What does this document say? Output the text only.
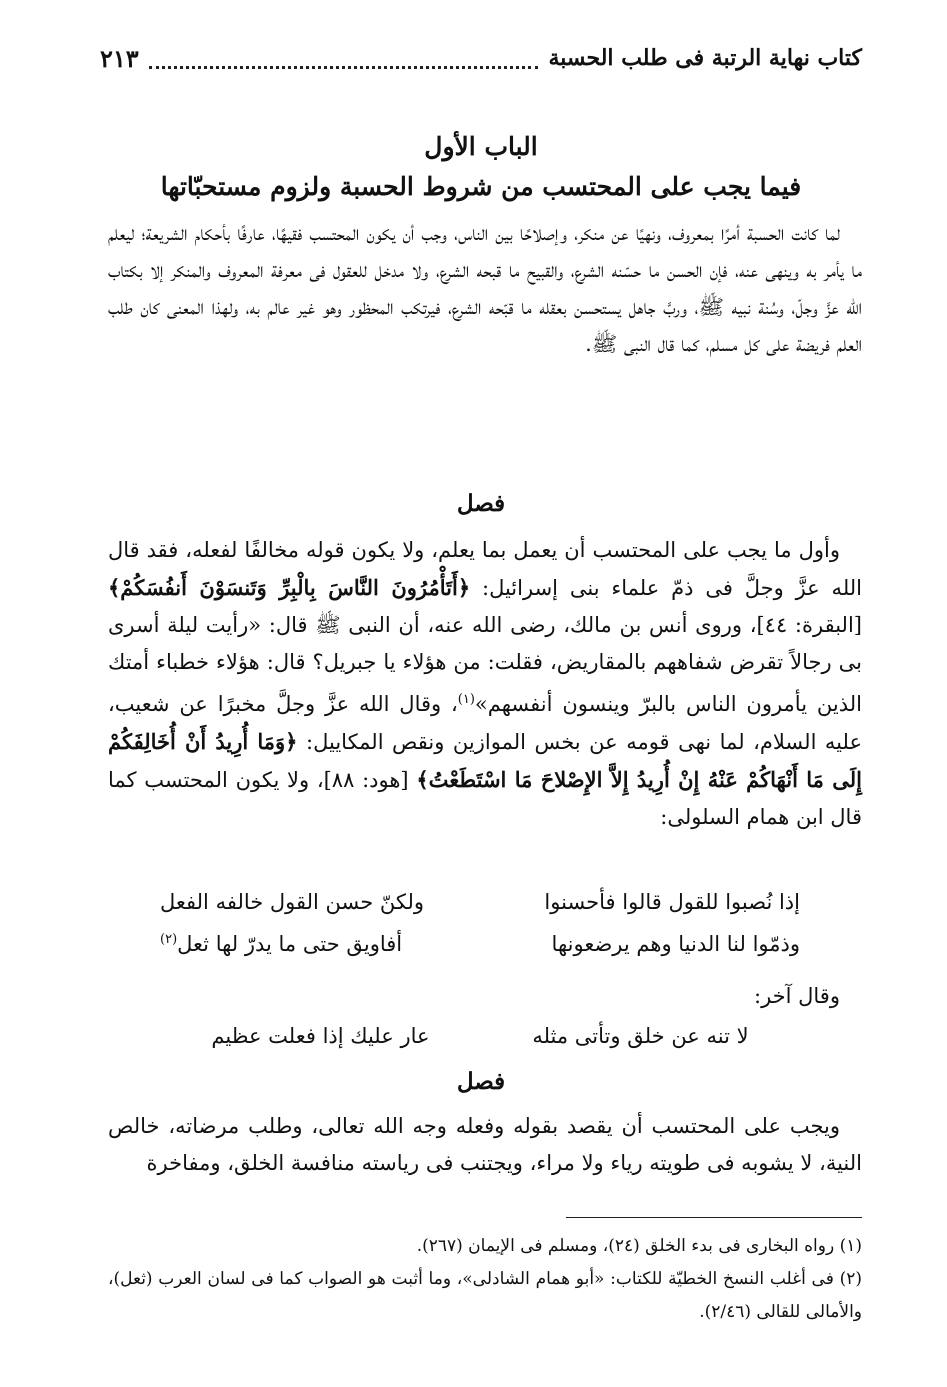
كتاب نهاية الرتبة فى طلب الحسبة
٢١٣
الباب الأول
فيما يجب على المحتسب من شروط الحسبة ولزوم مستحبّاتها

لما كانت الحسبة أمرًا بمعروف، ونهيًا عن منكر، وإصلاحًا بين الناس، وجب أن يكون المحتسب فقيهًا، عارفًا بأحكام الشريعة؛ ليعلم ما يأمر به وينهى عنه، فإن الحسن ما حسّنه الشرع، والقبيح ما قبحه الشرع، ولا مدخل للعقول فى معرفة المعروف والمنكر إلا بكتاب الله عزَّ وجلّ، وسُنة نبيه ﷺ، وربَّ جاهل يستحسن بعقله ما قبّحه الشرع، فيرتكب المحظور وهو غير عالم به، ولهذا المعنى كان طلب العلم فريضة على كل مسلم، كما قال النبى ﷺ.

فصل

وأول ما يجب على المحتسب أن يعمل بما يعلم، ولا يكون قوله مخالفًا لفعله، فقد قال الله عزَّ وجلَّ فى ذمّ علماء بنى إسرائيل: ﴿أَتَأْمُرُونَ النَّاسَ بِالْبِرِّ وَتَنسَوْنَ أَنفُسَكُمْ﴾ [البقرة: ٤٤]، وروى أنس بن مالك، رضى الله عنه، أن النبى ﷺ قال: «رأيت ليلة أسرى بى رجالاً تقرض شفاههم بالمقاريض، فقلت: من هؤلاء يا جبريل؟ قال: هؤلاء خطباء أمتك الذين يأمرون الناس بالبرّ وينسون أنفسهم»$^{(١)}$، وقال الله عزَّ وجلَّ مخبرًا عن شعيب، عليه السلام، لما نهى قومه عن بخس الموازين ونقص المكاييل: ﴿وَمَا أُرِيدُ أَنْ أُخَالِفَكُمْ إِلَى مَا أَنْهَاكُمْ عَنْهُ إِنْ أُرِيدُ إِلاَّ الإِصْلاحَ مَا اسْتَطَعْتُ﴾ [هود: ٨٨]، ولا يكون المحتسب كما قال ابن همام السلولى:

إذا نُصبوا للقول قالوا فأحسنوا
ولكنّ حسن القول خالفه الفعل
وذمّوا لنا الدنيا وهم يرضعونها
أفاويق حتى ما يدرّ لها ثعل$^{(٢)}$

وقال آخر:

لا تنه عن خلق وتأتى مثله
عار عليك إذا فعلت عظيم
فصل

ويجب على المحتسب أن يقصد بقوله وفعله وجه الله تعالى، وطلب مرضاته، خالص النية، لا يشوبه فى طويته رياء ولا مراء، ويجتنب فى رياسته منافسة الخلق، ومفاخرة

(١) رواه البخارى فى بدء الخلق (٢٤)، ومسلم فى الإيمان (٢٦٧).

(٢) فى أغلب النسخ الخطيّة للكتاب: «أبو همام الشادلى»، وما أثبت هو الصواب كما فى لسان العرب (ثعل)، والأمالى للقالى (٢/٤٦).
